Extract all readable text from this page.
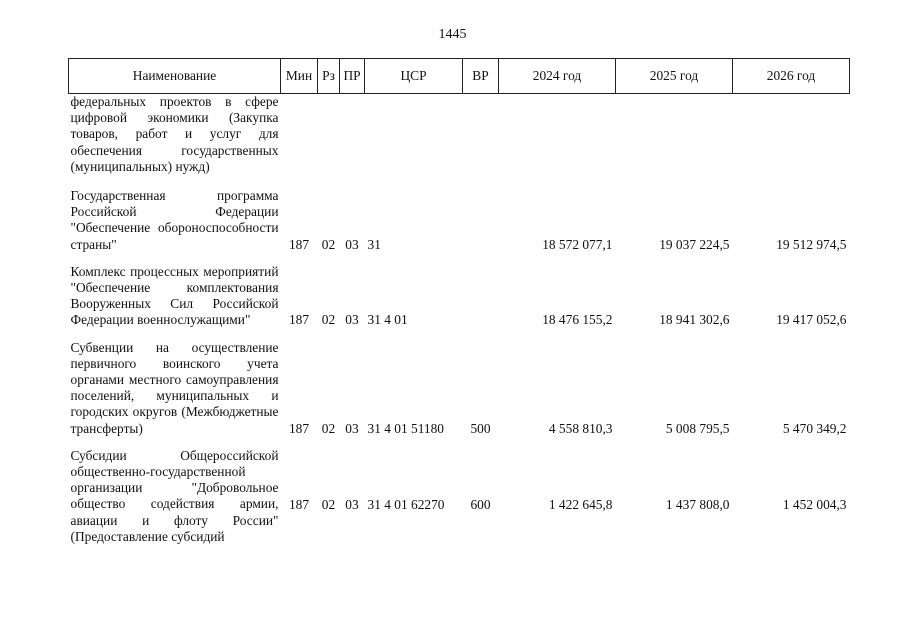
1445
Наименование	Мин	Рз	ПР	ЦСР	ВР	2024 год	2025 год	2026 год
федеральных проектов в сфере цифровой экономики (Закупка товаров, работ и услуг для обеспечения государственных (муниципальных) нужд)								
Государственная программа Российской Федерации "Обеспечение обороноспособности страны"	187	02	03	31		18 572 077,1	19 037 224,5	19 512 974,5
Комплекс процессных мероприятий "Обеспечение комплектования Вооруженных Сил Российской Федерации военнослужащими"	187	02	03	31 4 01		18 476 155,2	18 941 302,6	19 417 052,6
Субвенции на осуществление первичного воинского учета органами местного самоуправления поселений, муниципальных и городских округов (Межбюджетные трансферты)	187	02	03	31 4 01 51180	500	4 558 810,3	5 008 795,5	5 470 349,2
Субсидии Общероссийской общественно-государственной организации "Добровольное общество содействия армии, авиации и флоту России" (Предоставление субсидий	187	02	03	31 4 01 62270	600	1 422 645,8	1 437 808,0	1 452 004,3
